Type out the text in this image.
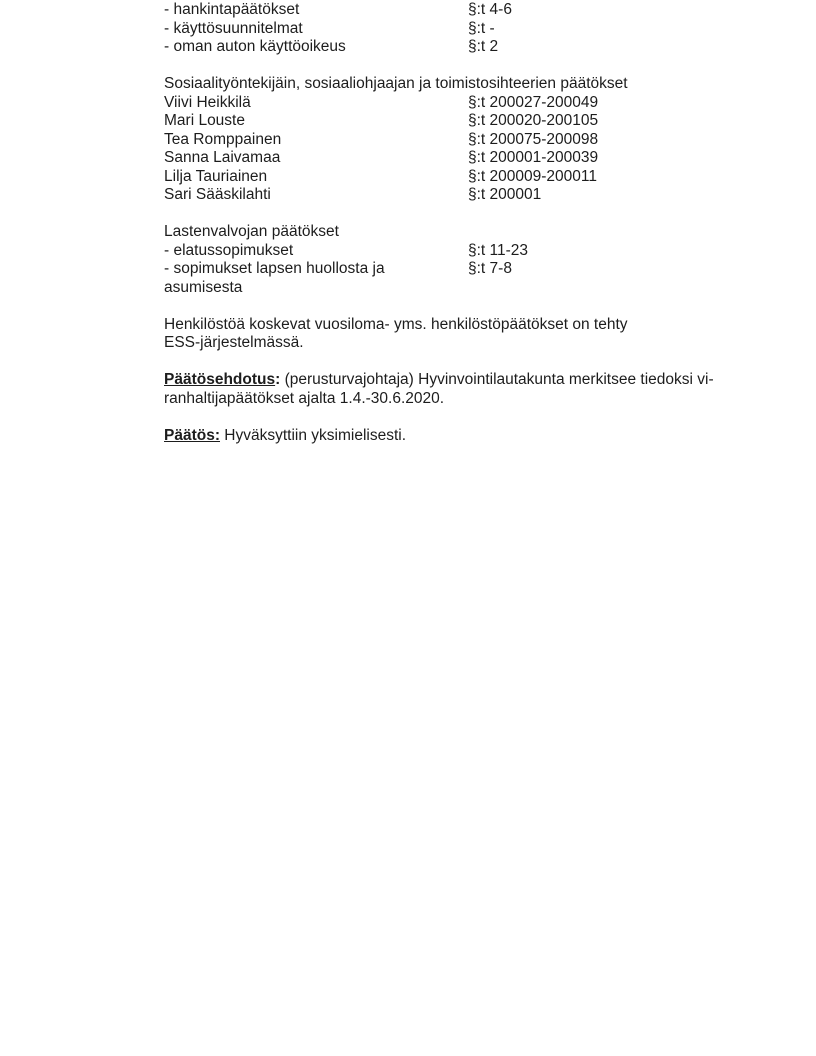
- hankintapäätökset	§:t 4-6
- käyttösuunnitelmat	§:t -
- oman auton käyttöoikeus	§:t 2
Sosiaalityöntekijäin, sosiaaliohjaajan ja toimistosihteerien päätökset
Viivi Heikkilä	§:t 200027-200049
Mari Louste	§:t 200020-200105
Tea Romppainen	§:t 200075-200098
Sanna Laivamaa	§:t 200001-200039
Lilja Tauriainen	§:t 200009-200011
Sari Sääskilahti	§:t 200001
Lastenvalvojan päätökset
- elatussopimukset	§:t 11-23
- sopimukset lapsen huollosta ja	§:t 7-8
asumisesta
Henkilöstöä koskevat vuosiloma- yms. henkilöstöpäätökset on tehty
ESS-järjestelmässä.
Päätösehdotus: (perusturvajohtaja) Hyvinvointilautakunta merkitsee tiedoksi vi-
ranhaltijapäätökset ajalta 1.4.-30.6.2020.
Päätös: Hyväksyttiin yksimielisesti.
